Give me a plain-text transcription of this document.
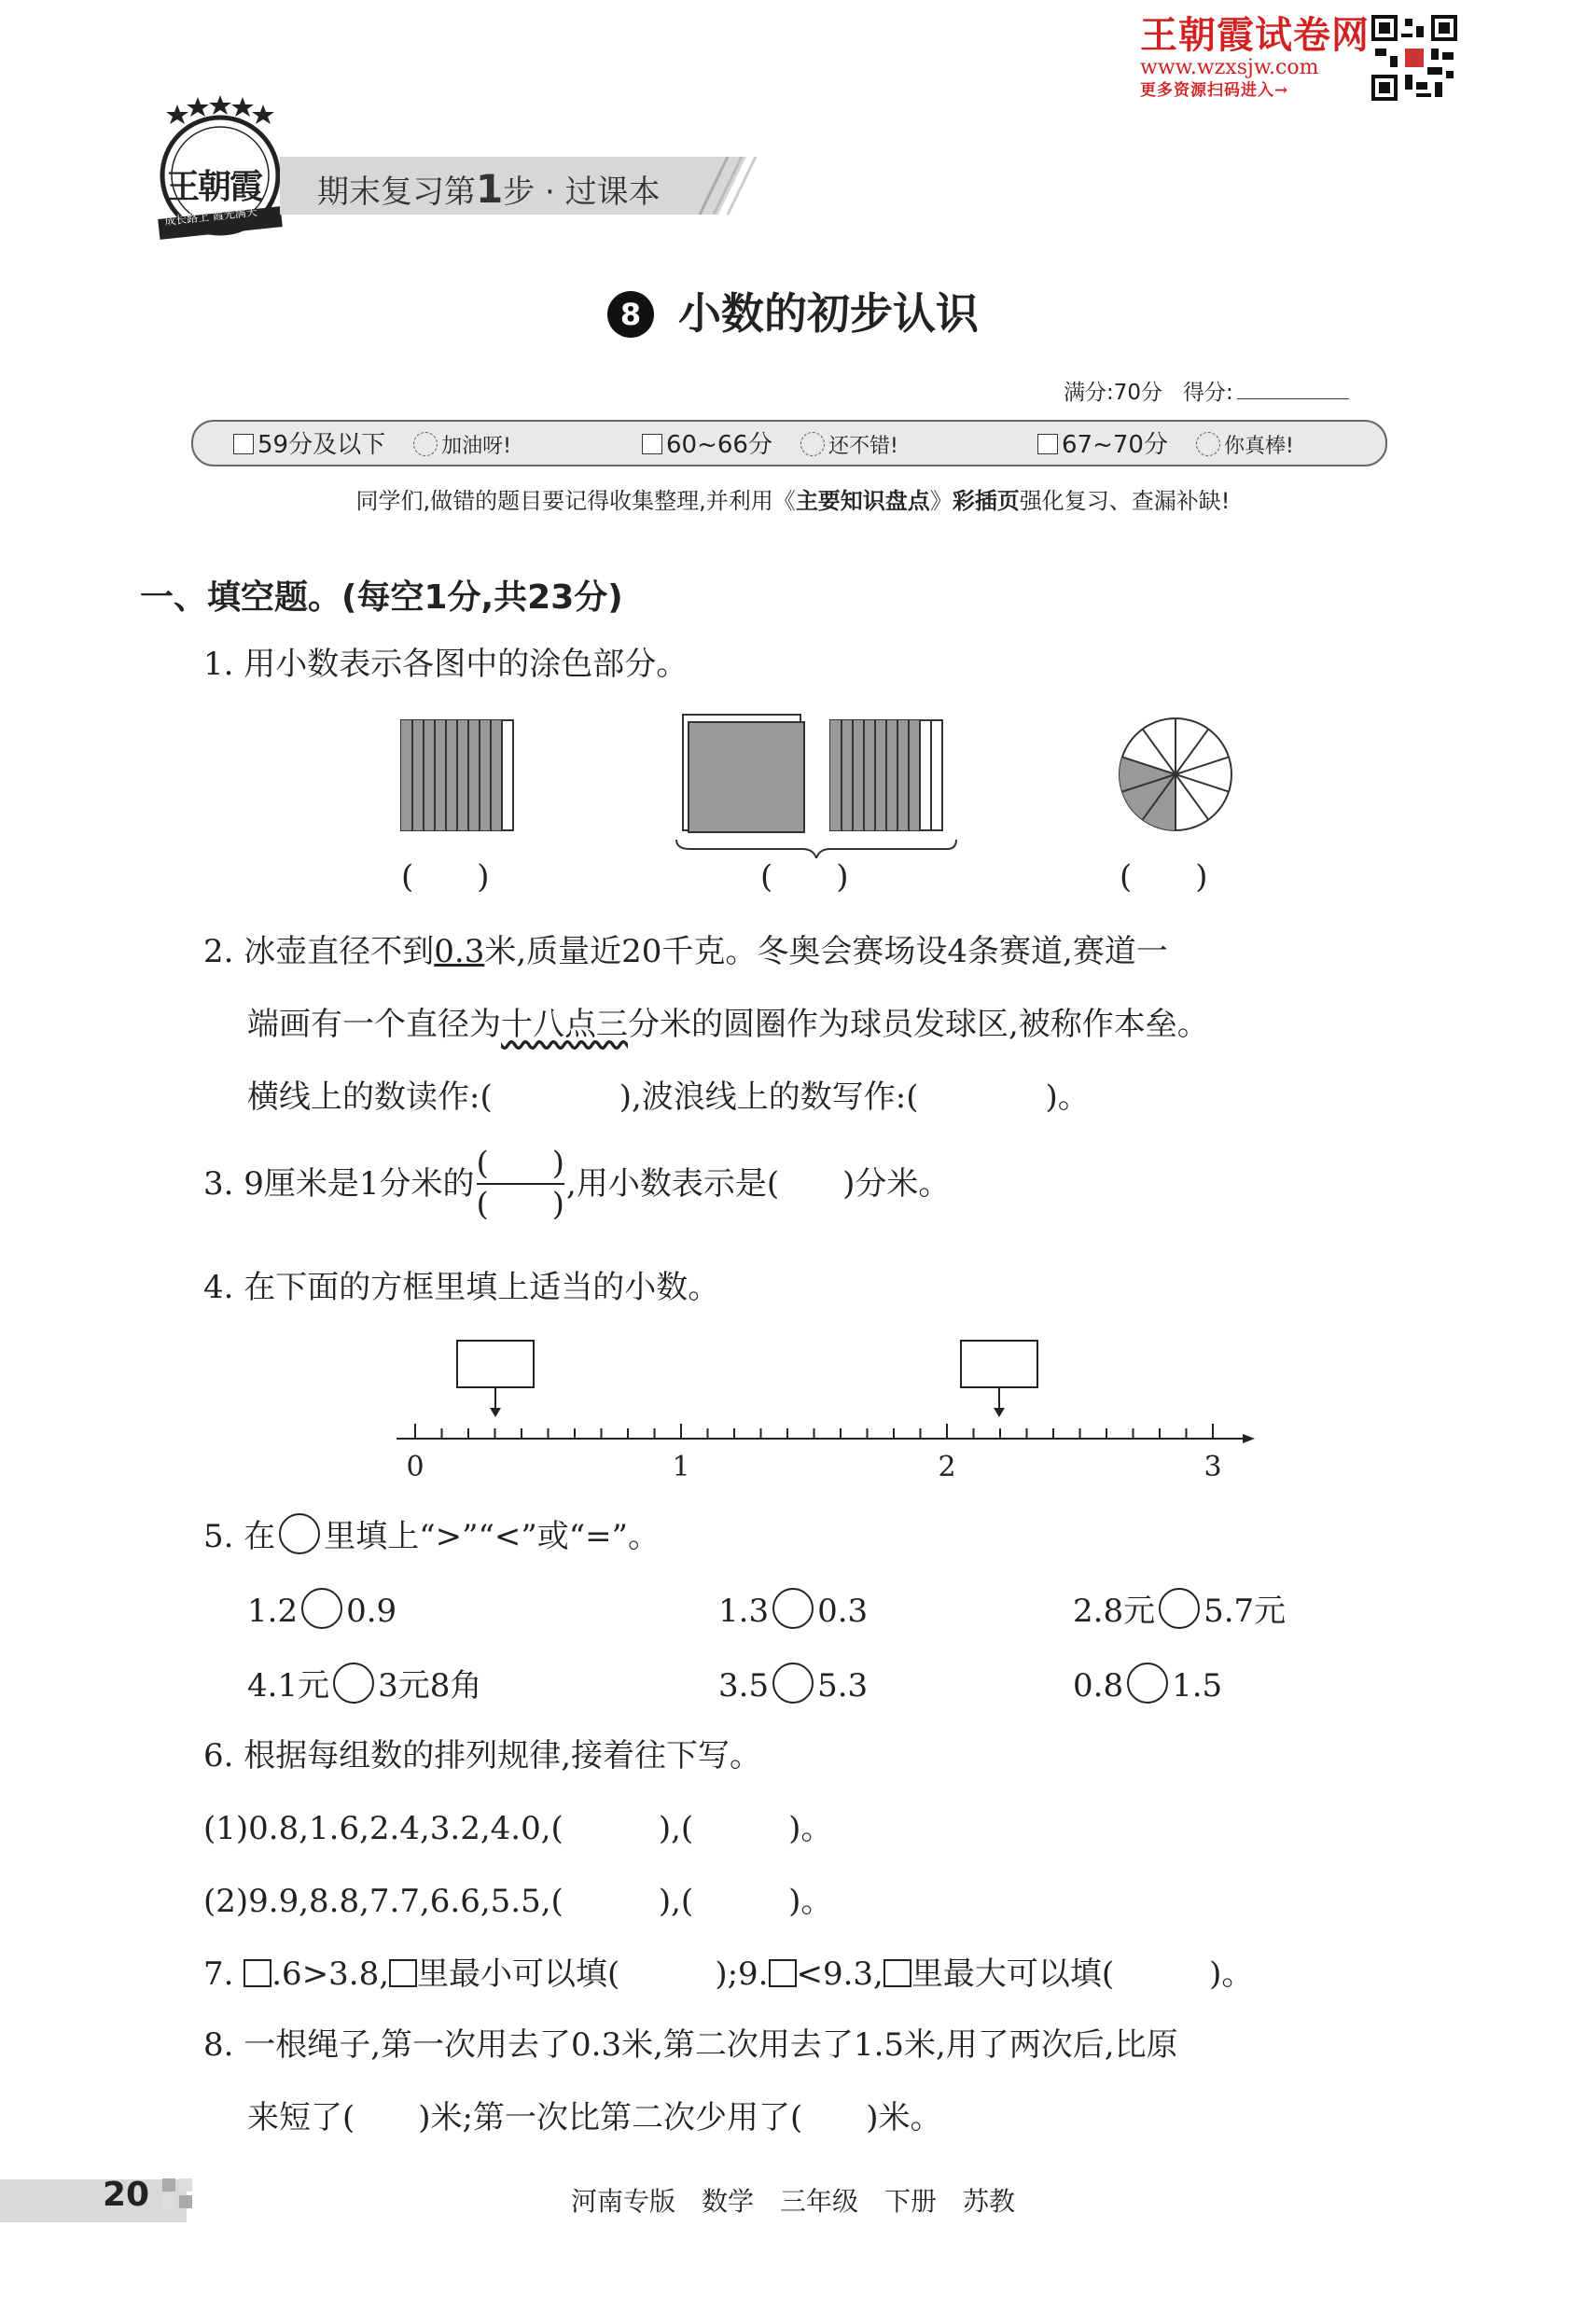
王朝霞试卷网
www.wzxsjw.com
更多资源扫码进入→
王朝霞
成长路上 霞光满天
期末复习第1步 · 过课本
8 小数的初步认识
满分:70分 得分:
59分及以下	加油呀!	60~66分	还不错!	67~70分	你真棒!
同学们,做错的题目要记得收集整理,并利用《主要知识盘点》彩插页强化复习、查漏补缺!
一、填空题。(每空1分,共23分)
1. 用小数表示各图中的涂色部分。
(　　)	(　　)	(　　)
2. 冰壶直径不到0.3米,质量近20千克。冬奥会赛场设4条赛道,赛道一
端画有一个直径为十八点三分米的圆圈作为球员发球区,被称作本垒。
横线上的数读作:(　　　　),波浪线上的数写作:(　　　　)。
3. 9厘米是1分米的 $\frac{( )}{( )}$ ,用小数表示是(　　)分米。
4. 在下面的方框里填上适当的小数。
0	1	2	3
5. 在 里填上“>”“<”或“=”。
1.2 0.9	1.3 0.3	2.8元 5.7元
4.1元 3元8角	3.5 5.3	0.8 1.5
6. 根据每组数的排列规律,接着往下写。
(1)0.8,1.6,2.4,3.2,4.0,(　　　),(　　　)。
(2)9.9,8.8,7.7,6.6,5.5,(　　　),(　　　)。
7. .6>3.8, 里最小可以填(　　　);9. <9.3, 里最大可以填(　　　)。
8. 一根绳子,第一次用去了0.3米,第二次用去了1.5米,用了两次后,比原
来短了(　　)米;第一次比第二次少用了(　　)米。
20	河南专版　数学　三年级　下册　苏教
